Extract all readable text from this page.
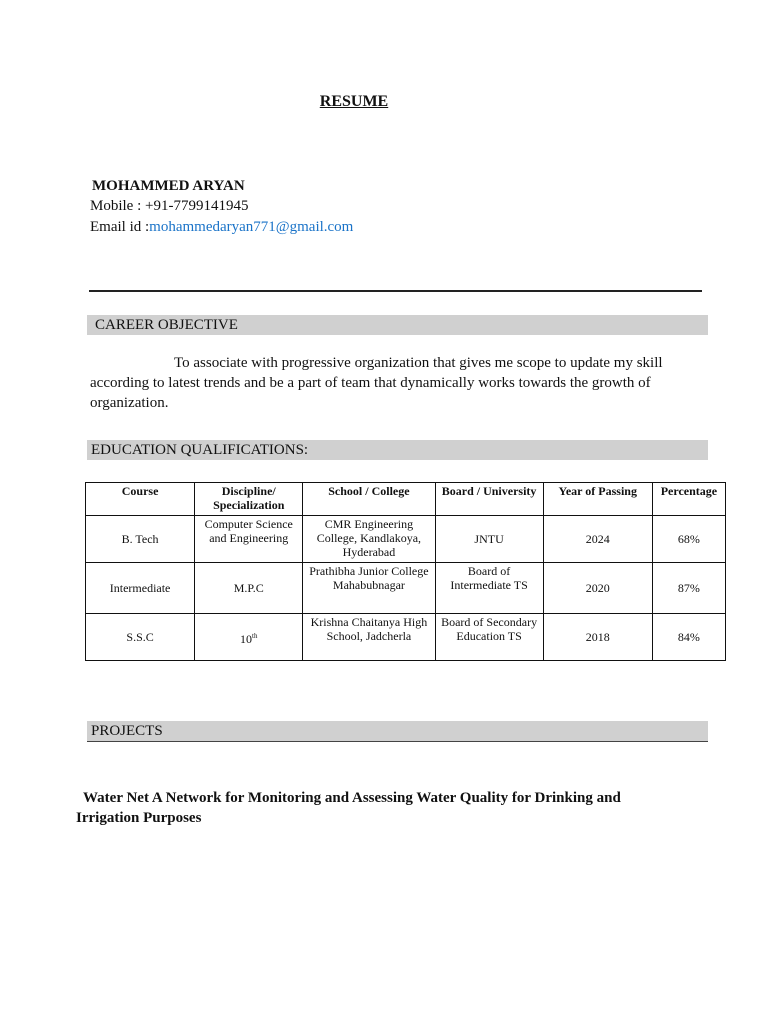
RESUME
MOHAMMED ARYAN
Mobile : +91-7799141945
Email id :mohammedaryan771@gmail.com
CAREER OBJECTIVE
To associate with progressive organization that gives me scope to update my skill according to latest trends and be a part of team that dynamically works towards the growth of organization.
EDUCATION QUALIFICATIONS:
Course	Discipline/ Specialization	School / College	Board / University	Year of Passing	Percentage
B. Tech	Computer Science and Engineering	CMR Engineering College, Kandlakoya, Hyderabad	JNTU	2024	68%
Intermediate	M.P.C	Prathibha Junior College Mahabubnagar	Board of Intermediate TS	2020	87%
S.S.C	10th	Krishna Chaitanya High School, Jadcherla	Board of Secondary Education TS	2018	84%
PROJECTS
Water Net A Network for Monitoring and Assessing Water Quality for Drinking and Irrigation Purposes
